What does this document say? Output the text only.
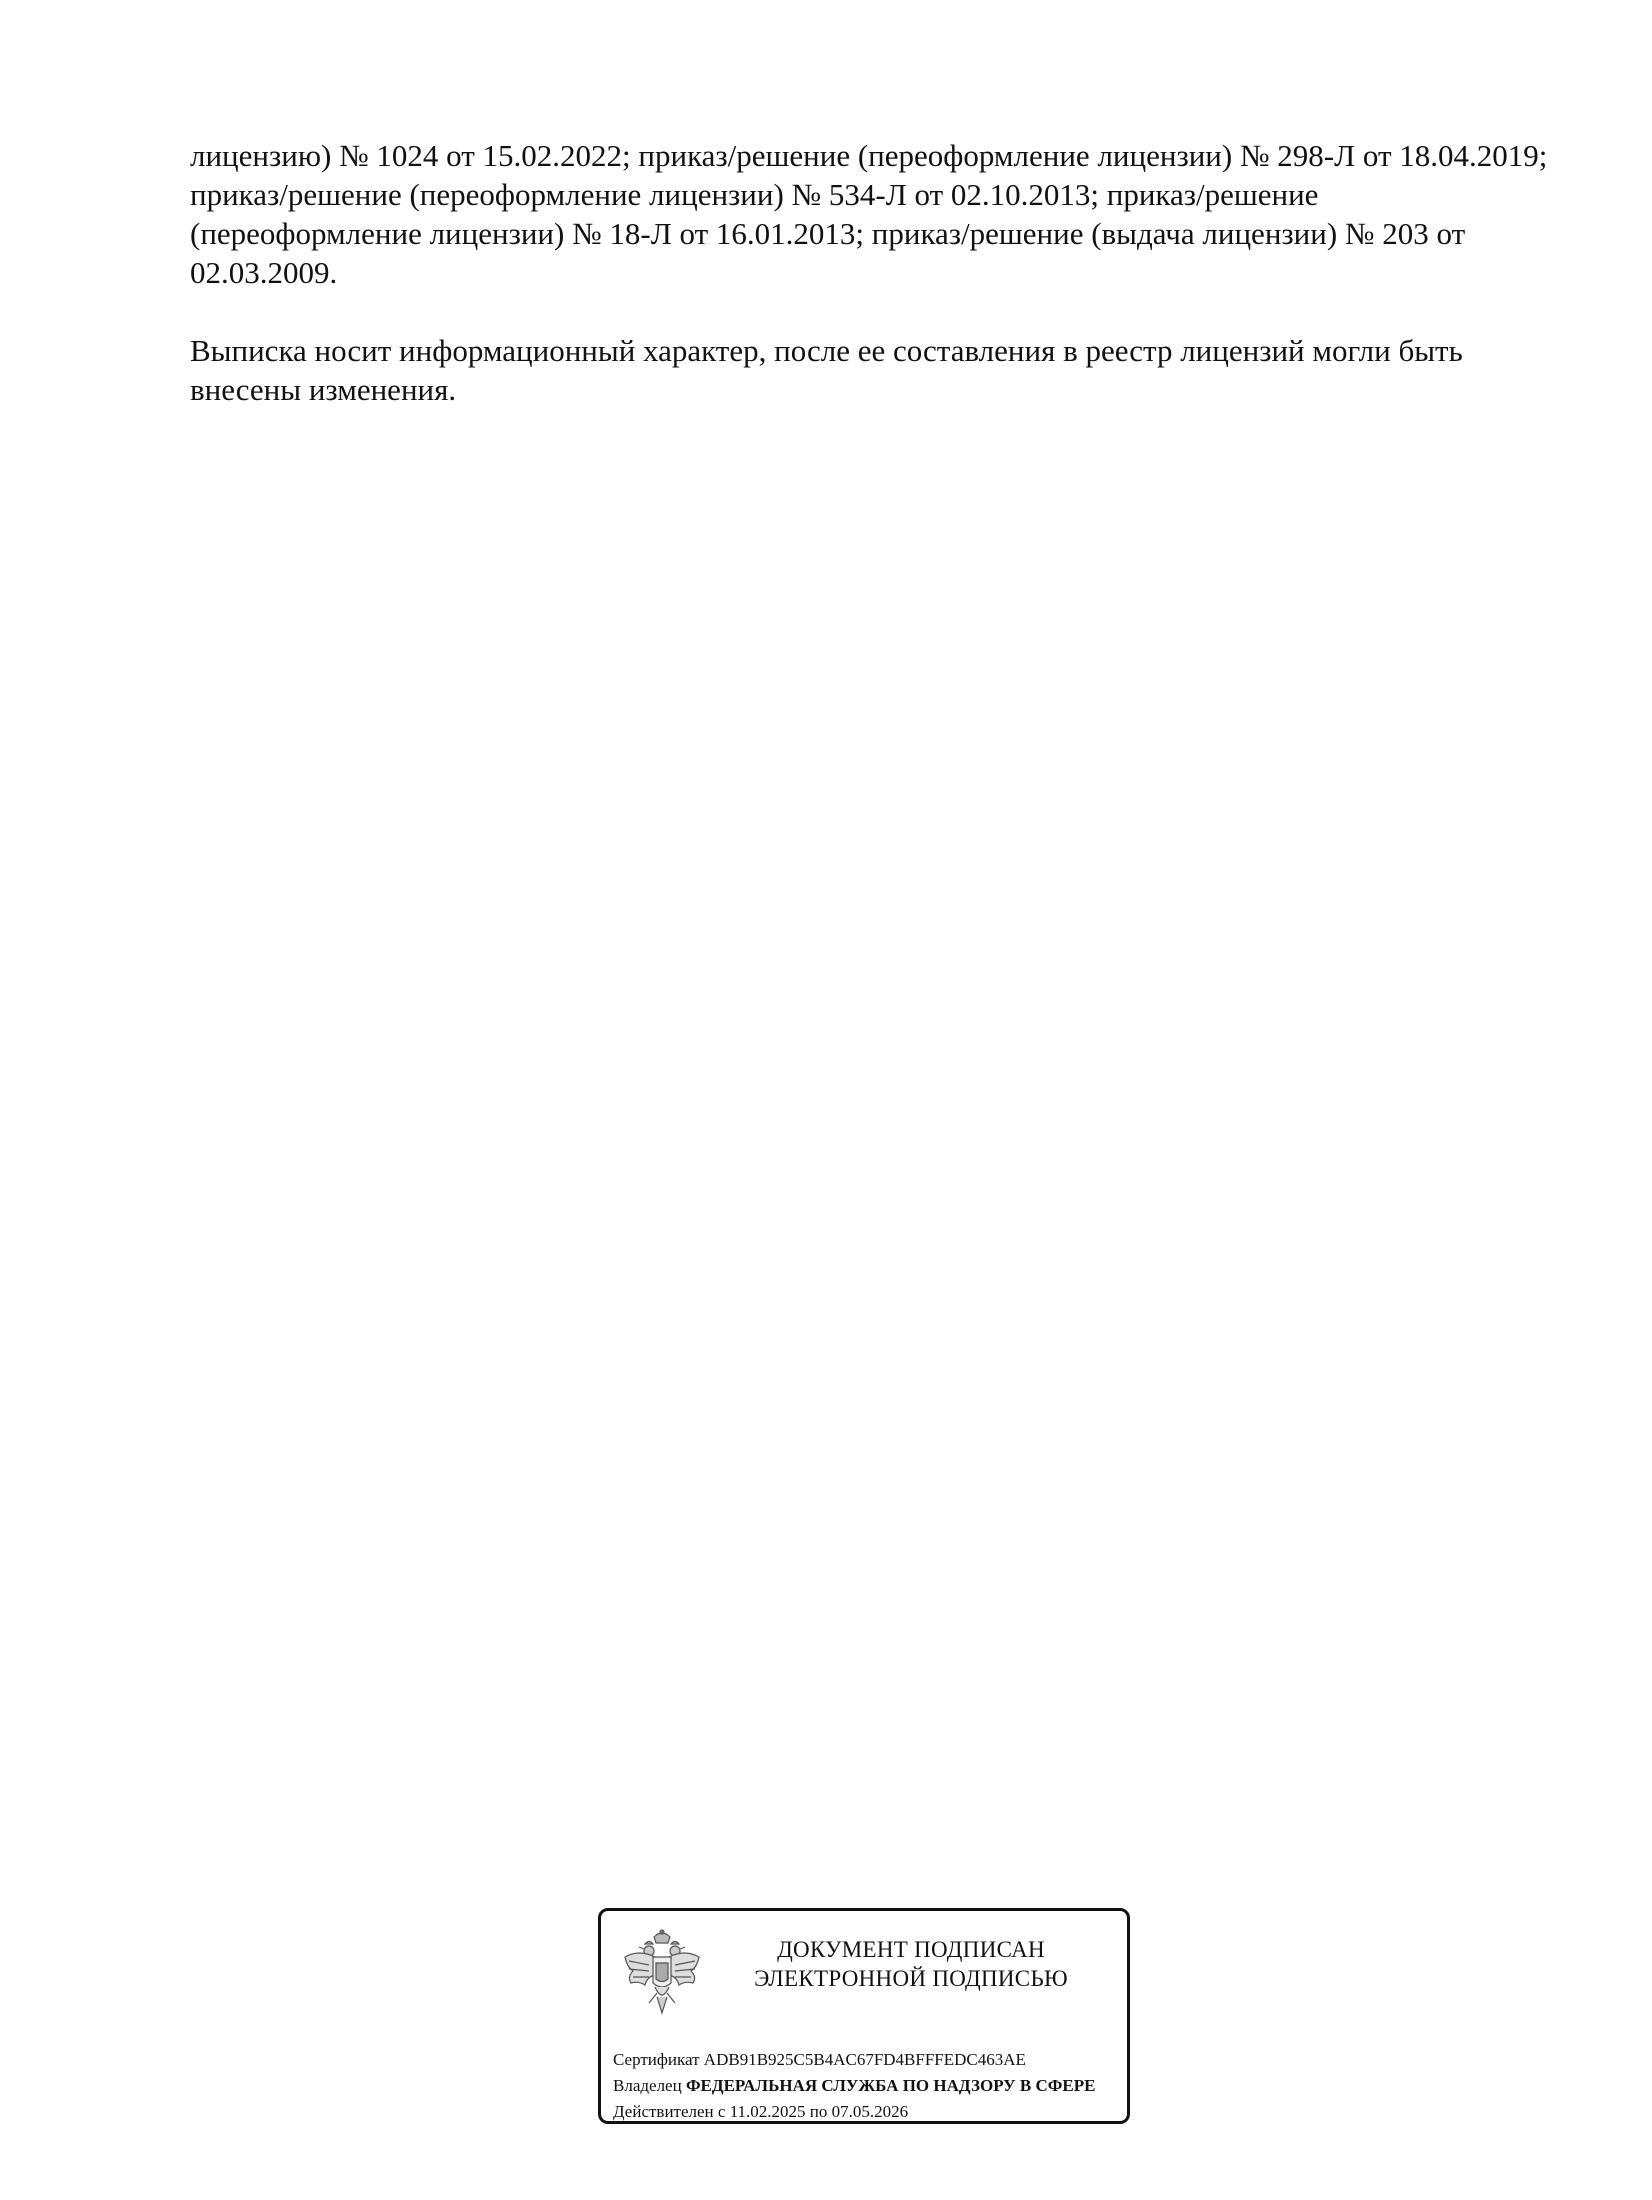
лицензию) № 1024 от 15.02.2022; приказ/решение (переоформление лицензии) № 298-Л от 18.04.2019; приказ/решение (переоформление лицензии) № 534-Л от 02.10.2013; приказ/решение (переоформление лицензии) № 18-Л от 16.01.2013; приказ/решение (выдача лицензии) № 203 от 02.03.2009.

Выписка носит информационный характер, после ее составления в реестр лицензий могли быть внесены изменения.

ДОКУМЕНТ ПОДПИСАН
ЭЛЕКТРОННОЙ ПОДПИСЬЮ
Сертификат ADB91B925C5B4AC67FD4BFFFEDC463AE
Владелец ФЕДЕРАЛЬНАЯ СЛУЖБА ПО НАДЗОРУ В СФЕРЕ
Действителен с 11.02.2025 по 07.05.2026
